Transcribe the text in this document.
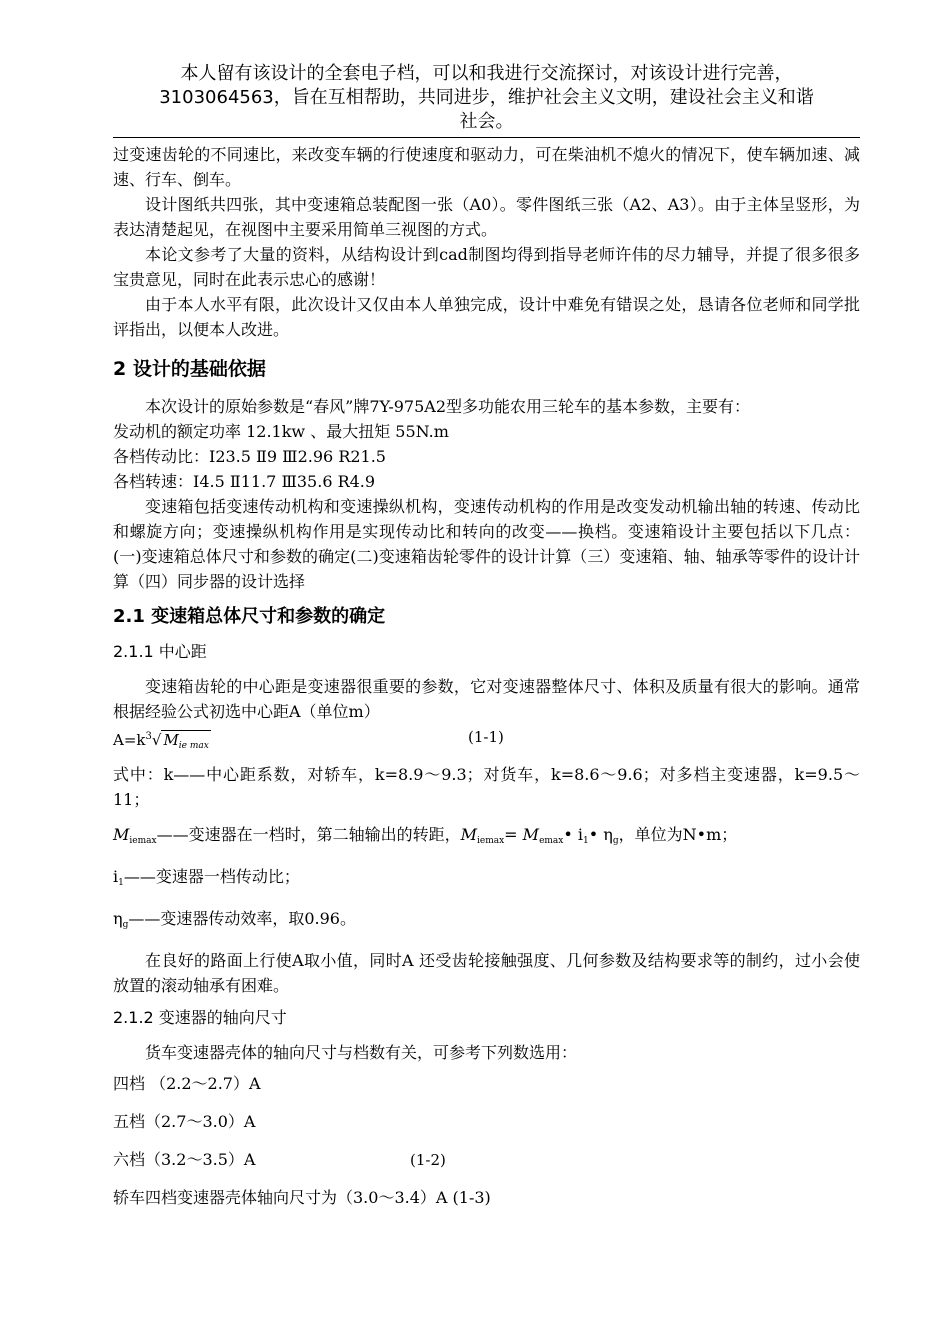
本人留有该设计的全套电子档，可以和我进行交流探讨，对该设计进行完善，
3103064563，旨在互相帮助，共同进步，维护社会主义文明，建设社会主义和谐
社会。

过变速齿轮的不同速比，来改变车辆的行使速度和驱动力，可在柴油机不熄火的情况下，使车辆加速、减速、行车、倒车。

设计图纸共四张，其中变速箱总装配图一张（A0）。零件图纸三张（A2、A3）。由于主体呈竖形，为表达清楚起见，在视图中主要采用简单三视图的方式。

本论文参考了大量的资料，从结构设计到cad制图均得到指导老师许伟的尽力辅导，并提了很多很多宝贵意见，同时在此表示忠心的感谢！

由于本人水平有限，此次设计又仅由本人单独完成，设计中难免有错误之处，恳请各位老师和同学批评指出，以便本人改进。

2 设计的基础依据

本次设计的原始参数是“春风”牌7Y-975A2型多功能农用三轮车的基本参数，主要有：

发动机的额定功率 12.1kw 、最大扭矩 55N.m

各档传动比：Ⅰ23.5 Ⅱ9 Ⅲ2.96 R21.5

各档转速：Ⅰ4.5 Ⅱ11.7 Ⅲ35.6 R4.9

变速箱包括变速传动机构和变速操纵机构，变速传动机构的作用是改变发动机输出轴的转速、传动比和螺旋方向；变速操纵机构作用是实现传动比和转向的改变——换档。变速箱设计主要包括以下几点：(一)变速箱总体尺寸和参数的确定(二)变速箱齿轮零件的设计计算（三）变速箱、轴、轴承等零件的设计计算（四）同步器的设计选择

2.1 变速箱总体尺寸和参数的确定
2.1.1 中心距

变速箱齿轮的中心距是变速器很重要的参数，它对变速器整体尺寸、体积及质量有很大的影响。通常根据经验公式初选中心距A（单位m）

$A=k^3√$ $M_{ie max}$	(1-1)

式中：k——中心距系数，对轿车，k=8.9～9.3；对货车，k=8.6～9.6；对多档主变速器，k=9.5～11；

$M_{iemax}——$变速器在一档时，第二轴输出的转距，$M_{iemax}=$ $M_{emax}•$ $i_1•$ $\eta_g$，单位为N•m；

$i_1——$变速器一档传动比；

$\eta_g——$变速器传动效率，取0.96。

在良好的路面上行使A取小值，同时A 还受齿轮接触强度、几何参数及结构要求等的制约，过小会使放置的滚动轴承有困难。

2.1.2 变速器的轴向尺寸

货车变速器壳体的轴向尺寸与档数有关，可参考下列数选用：

四档 （2.2～2.7）A
五档（2.7～3.0）A
六档（3.2～3.5）A	(1-2)
轿车四档变速器壳体轴向尺寸为（3.0～3.4）A (1-3)
